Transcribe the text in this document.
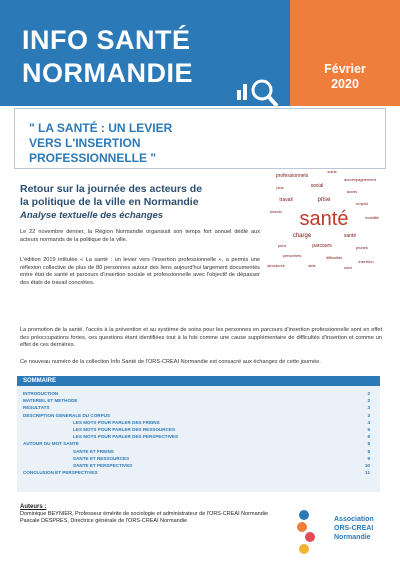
INFO SANTÉ
NORMANDIE	Février
2020
" LA SANTÉ : UN LEVIER
VERS L'INSERTION
PROFESSIONNELLE "
Retour sur la journée des acteurs de
la politique de la ville en Normandie
Analyse textuelle des échanges
professionnels
soins
accompagnement
plus	social
accès
travail	prise
emploi
besoin
charge	santé
peut	parcours	jeunes
personnes	difficultés
insertion
structures	aide	suivi
mobilité
santé
Le 22 novembre dernier, la Région Normandie organisait son temps fort annuel dédié aux acteurs normands de la politique de la ville.
L'édition 2019 intitulée « La santé : un levier vers l'insertion professionnelle », a permis une réflexion collective de plus de 80 personnes autour des liens aujourd'hui largement documentés entre état de santé et parcours d'insertion sociale et professionnelle avec l'objectif de dépasser des états de travail concrètes.
La promotion de la santé, l'accès à la prévention et au système de soins pour les personnes en parcours d'insertion professionnelle sont en effet des préoccupations fortes, ces questions étant identifiées tout à la fois comme une cause supplémentaire de difficultés d'insertion et comme un effet de ces dernières.
Ce nouveau numéro de la collection Info Santé de l'ORS-CREAI Normandie est consacré aux échanges de cette journée.
SOMMAIRE
INTRODUCTION	2
MATERIEL ET METHODE	2
RESULTATS	3
DESCRIPTION GENERALE DU CORPUS	3
LES MOTS POUR PARLER DES FREINS	4
LES MOTS POUR PARLER DES RESSOURCES	5
LES MOTS POUR PARLER DES PERSPECTIVES	6
AUTOUR DU MOT SANTE	8
SANTE ET FREINS	8
SANTE ET RESSOURCES	9
SANTE ET PERSPECTIVES	10
CONCLUSION ET PERSPECTIVES	11
Auteurs :
Dominique BEYNIER, Professeur émérite de sociologie et administrateur de l'ORS-CREAI Normandie
Pascale DESPRES, Directrice générale de l'ORS-CREAI Normandie	Association
ORS-CREAI
Normandie
